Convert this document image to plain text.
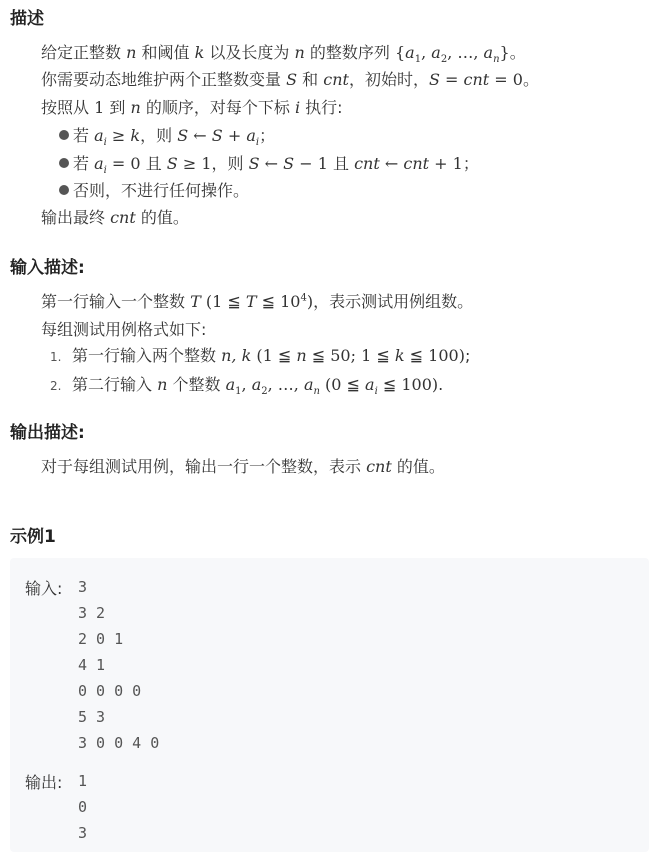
描述
给定正整数 n 和阈值 k 以及长度为 n 的整数序列 {$a_1$, $a_2$, …, $a_n$}。
你需要动态地维护两个正整数变量 S 和 cnt，初始时，S = cnt = 0。
按照从 1 到 n 的顺序，对每个下标 i 执行:
若 $a_i \ge k$，则 S ← $S + a_i$；
若 $a_i = 0$ 且 S ≥ 1，则 S ← S − 1 且 cnt ← cnt + 1；
否则，不进行任何操作。
输出最终 cnt 的值。
输入描述:
第一行输入一个整数 T (1 ≦ T ≦ $10^4$)，表示测试用例组数。
每组测试用例格式如下:
1. 第一行输入两个整数 n, k (1 ≦ n ≦ 50; 1 ≦ k ≦ 100);
2. 第二行输入 n 个整数 $a_1$, $a_2$, …, $a_n$ (0 ≦ $a_i$ ≦ 100).
输出描述:
对于每组测试用例，输出一行一个整数，表示 cnt 的值。
示例1
输入: 3
3 2
2 0 1
4 1
0 0 0 0
5 3
3 0 0 4 0
输出: 1
0
3
